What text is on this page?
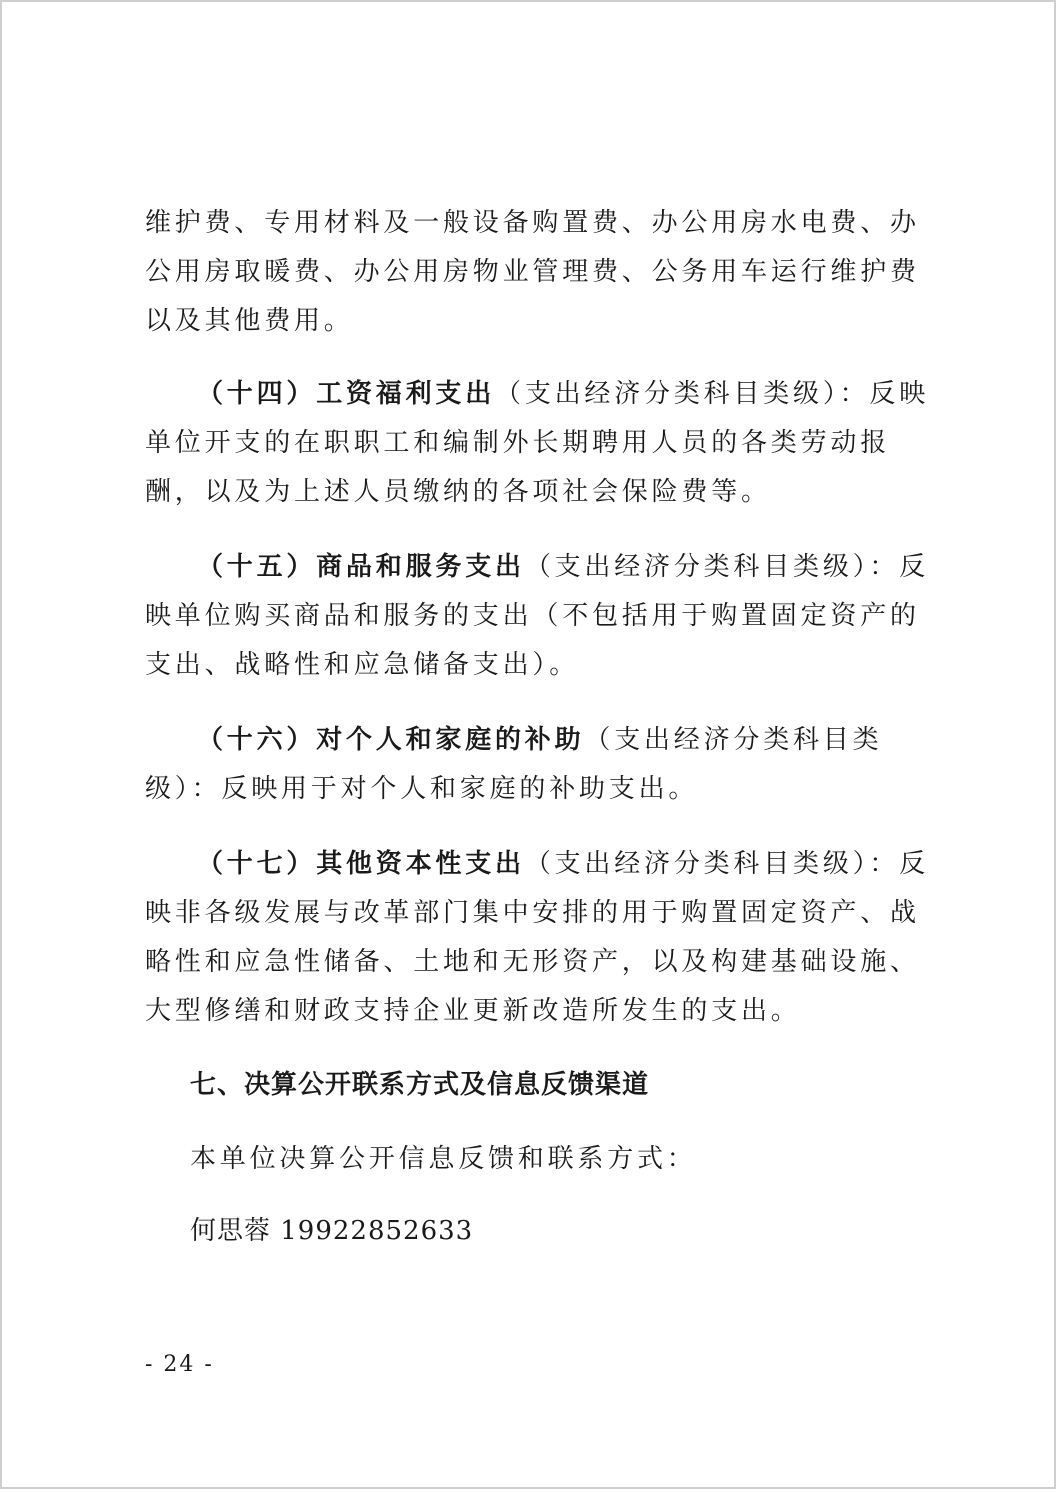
维护费、专用材料及一般设备购置费、办公用房水电费、办公用房取暖费、办公用房物业管理费、公务用车运行维护费以及其他费用。

（十四）工资福利支出（支出经济分类科目类级）：反映单位开支的在职职工和编制外长期聘用人员的各类劳动报酬，以及为上述人员缴纳的各项社会保险费等。

（十五）商品和服务支出（支出经济分类科目类级）：反映单位购买商品和服务的支出（不包括用于购置固定资产的支出、战略性和应急储备支出）。

（十六）对个人和家庭的补助（支出经济分类科目类级）：反映用于对个人和家庭的补助支出。

（十七）其他资本性支出（支出经济分类科目类级）：反映非各级发展与改革部门集中安排的用于购置固定资产、战略性和应急性储备、土地和无形资产，以及构建基础设施、大型修缮和财政支持企业更新改造所发生的支出。

七、决算公开联系方式及信息反馈渠道

本单位决算公开信息反馈和联系方式：

何思蓉 19922852633

- 24 -
